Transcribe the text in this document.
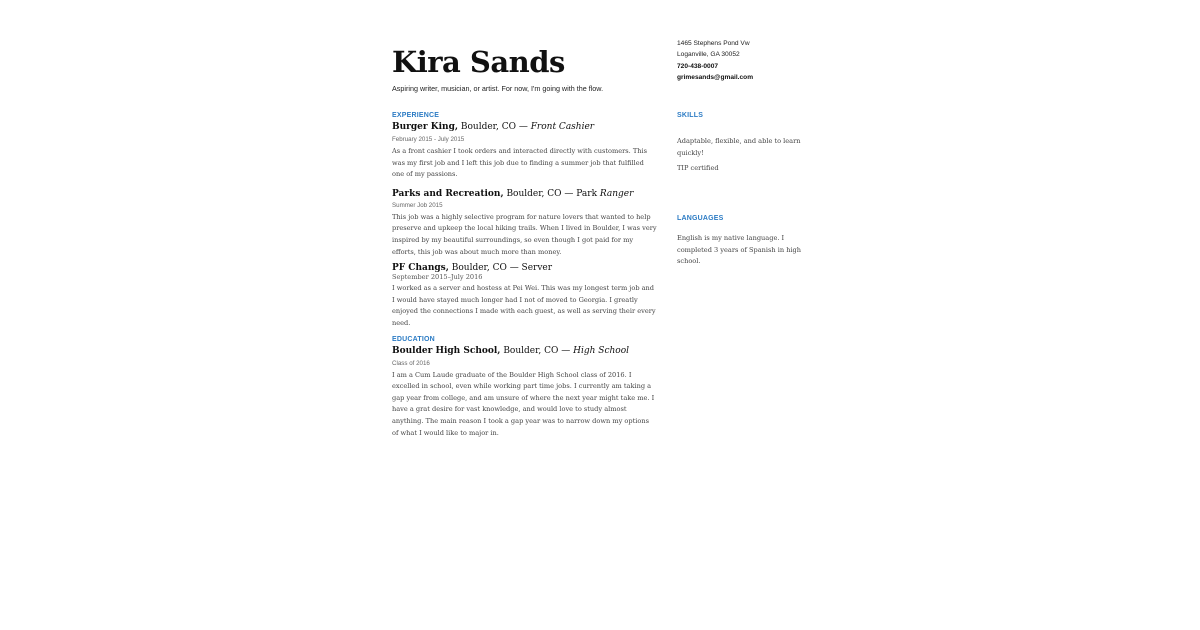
Kira Sands
Aspiring writer, musician, or artist. For now, I'm going with the flow.
EXPERIENCE
Burger King, Boulder, CO — Front Cashier
February 2015 - July 2015
As a front cashier I took orders and interacted directly with customers. This was my first job and I left this job due to finding a summer job that fulfilled one of my passions.
Parks and Recreation, Boulder, CO — Park Ranger
Summer Job 2015
This job was a highly selective program for nature lovers that wanted to help preserve and upkeep the local hiking trails. When I lived in Boulder, I was very inspired by my beautiful surroundings, so even though I got paid for my efforts, this job was about much more than money.
PF Changs, Boulder, CO — Server
September 2015–July 2016
I worked as a server and hostess at Pei Wei. This was my longest term job and I would have stayed much longer had I not of moved to Georgia. I greatly enjoyed the connections I made with each guest, as well as serving their every need.
EDUCATION
Boulder High School, Boulder, CO — High School
Class of 2016
I am a Cum Laude graduate of the Boulder High School class of 2016. I excelled in school, even while working part time jobs. I currently am taking a gap year from college, and am unsure of where the next year might take me. I have a grat desire for vast knowledge, and would love to study almost anything. The main reason I took a gap year was to narrow down my options of what I would like to major in.
1465 Stephens Pond Vw
Loganville, GA 30052
720-438-0007
grimesands@gmail.com
SKILLS
Adaptable, flexible, and able to learn quickly!
TIP certified
LANGUAGES
English is my native language. I completed 3 years of Spanish in high school.
